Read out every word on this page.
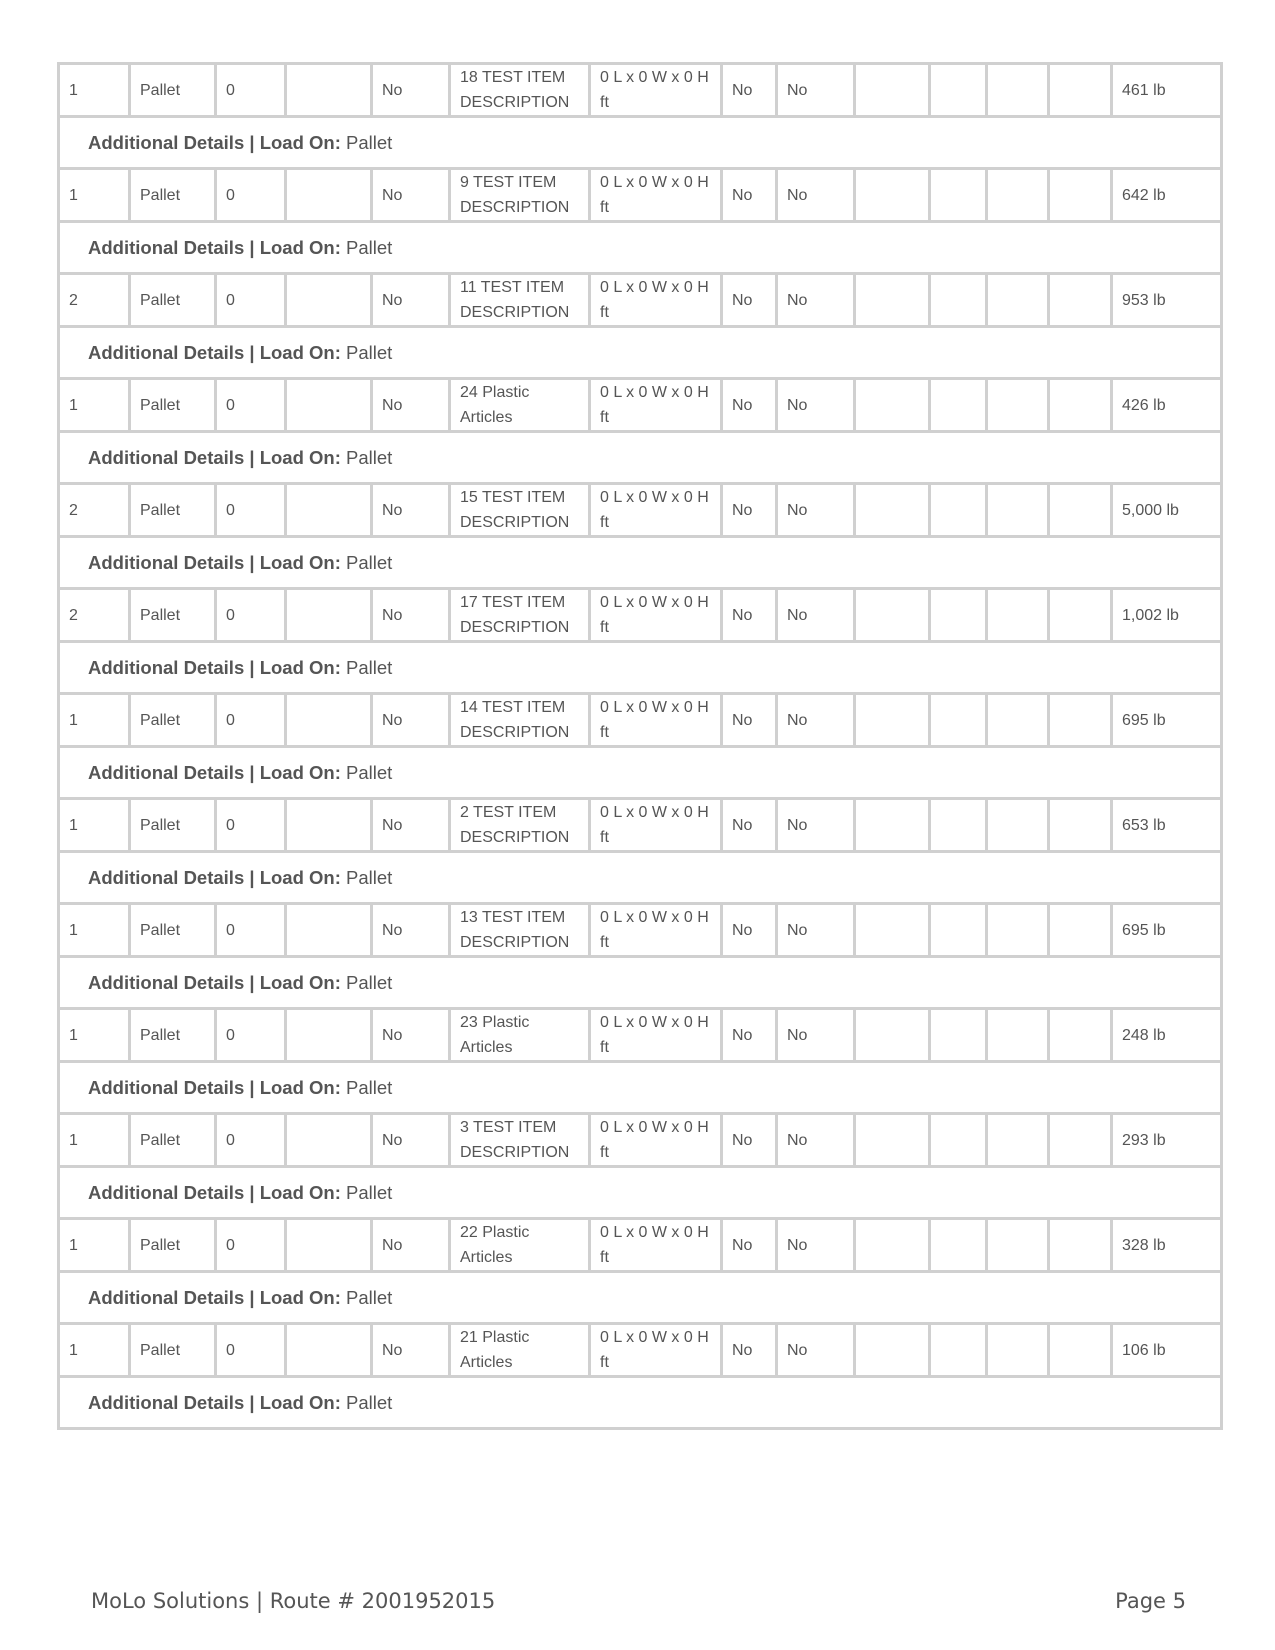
1	Pallet	0		No	18 TEST ITEM DESCRIPTION	0 L x 0 W x 0 H ft	No	No					461 lb
Additional Details | Load On: Pallet													
1	Pallet	0		No	9 TEST ITEM DESCRIPTION	0 L x 0 W x 0 H ft	No	No					642 lb
Additional Details | Load On: Pallet													
2	Pallet	0		No	11 TEST ITEM DESCRIPTION	0 L x 0 W x 0 H ft	No	No					953 lb
Additional Details | Load On: Pallet													
1	Pallet	0		No	24 Plastic Articles	0 L x 0 W x 0 H ft	No	No					426 lb
Additional Details | Load On: Pallet													
2	Pallet	0		No	15 TEST ITEM DESCRIPTION	0 L x 0 W x 0 H ft	No	No					5,000 lb
Additional Details | Load On: Pallet													
2	Pallet	0		No	17 TEST ITEM DESCRIPTION	0 L x 0 W x 0 H ft	No	No					1,002 lb
Additional Details | Load On: Pallet													
1	Pallet	0		No	14 TEST ITEM DESCRIPTION	0 L x 0 W x 0 H ft	No	No					695 lb
Additional Details | Load On: Pallet													
1	Pallet	0		No	2 TEST ITEM DESCRIPTION	0 L x 0 W x 0 H ft	No	No					653 lb
Additional Details | Load On: Pallet													
1	Pallet	0		No	13 TEST ITEM DESCRIPTION	0 L x 0 W x 0 H ft	No	No					695 lb
Additional Details | Load On: Pallet													
1	Pallet	0		No	23 Plastic Articles	0 L x 0 W x 0 H ft	No	No					248 lb
Additional Details | Load On: Pallet													
1	Pallet	0		No	3 TEST ITEM DESCRIPTION	0 L x 0 W x 0 H ft	No	No					293 lb
Additional Details | Load On: Pallet													
1	Pallet	0		No	22 Plastic Articles	0 L x 0 W x 0 H ft	No	No					328 lb
Additional Details | Load On: Pallet													
1	Pallet	0		No	21 Plastic Articles	0 L x 0 W x 0 H ft	No	No					106 lb
Additional Details | Load On: Pallet													
MoLo Solutions | Route # 2001952015	Page 5
